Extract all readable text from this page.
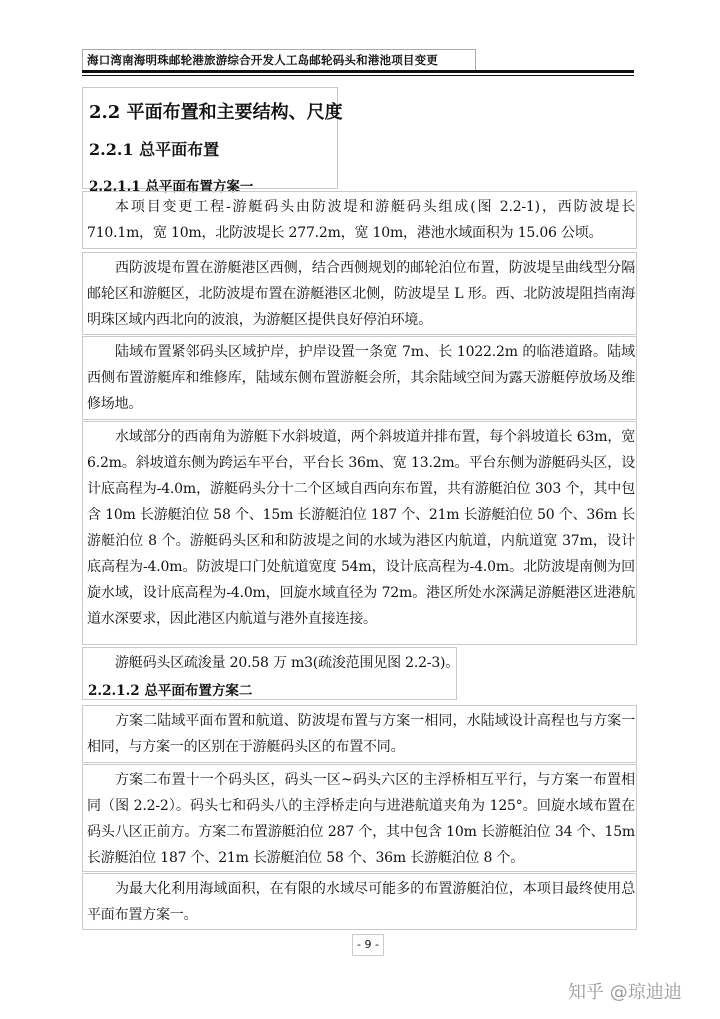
海口湾南海明珠邮轮港旅游综合开发人工岛邮轮码头和港池项目变更
2.2 平面布置和主要结构、尺度
2.2.1 总平面布置
2.2.1.1 总平面布置方案一
本项目变更工程-游艇码头由防波堤和游艇码头组成(图 2.2-1)，西防波堤长 710.1m，宽 10m，北防波堤长 277.2m，宽 10m，港池水域面积为 15.06 公顷。
西防波堤布置在游艇港区西侧，结合西侧规划的邮轮泊位布置，防波堤呈曲线型分隔邮轮区和游艇区，北防波堤布置在游艇港区北侧，防波堤呈 L 形。西、北防波堤阻挡南海明珠区域内西北向的波浪，为游艇区提供良好停泊环境。
陆域布置紧邻码头区域护岸，护岸设置一条宽 7m、长 1022.2m 的临港道路。陆域西侧布置游艇库和维修库，陆域东侧布置游艇会所，其余陆域空间为露天游艇停放场及维修场地。
水域部分的西南角为游艇下水斜坡道，两个斜坡道并排布置，每个斜坡道长 63m，宽 6.2m。斜坡道东侧为跨运车平台，平台长 36m、宽 13.2m。平台东侧为游艇码头区，设计底高程为-4.0m，游艇码头分十二个区域自西向东布置，共有游艇泊位 303 个，其中包含 10m 长游艇泊位 58 个、15m 长游艇泊位 187 个、21m 长游艇泊位 50 个、36m 长游艇泊位 8 个。游艇码头区和和防波堤之间的水域为港区内航道，内航道宽 37m，设计底高程为-4.0m。防波堤口门处航道宽度 54m，设计底高程为-4.0m。北防波堤南侧为回旋水域，设计底高程为-4.0m，回旋水域直径为 72m。港区所处水深满足游艇港区进港航道水深要求，因此港区内航道与港外直接连接。
游艇码头区疏浚量 20.58 万 m3(疏浚范围见图 2.2-3)。
2.2.1.2 总平面布置方案二
方案二陆域平面布置和航道、防波堤布置与方案一相同，水陆域设计高程也与方案一相同，与方案一的区别在于游艇码头区的布置不同。
方案二布置十一个码头区，码头一区~码头六区的主浮桥相互平行，与方案一布置相同（图 2.2-2）。码头七和码头八的主浮桥走向与进港航道夹角为 125°。回旋水域布置在码头八区正前方。方案二布置游艇泊位 287 个，其中包含 10m 长游艇泊位 34 个、15m 长游艇泊位 187 个、21m 长游艇泊位 58 个、36m 长游艇泊位 8 个。
为最大化利用海域面积，在有限的水域尽可能多的布置游艇泊位，本项目最终使用总平面布置方案一。
- 9 -
知乎 @琼迪迪
